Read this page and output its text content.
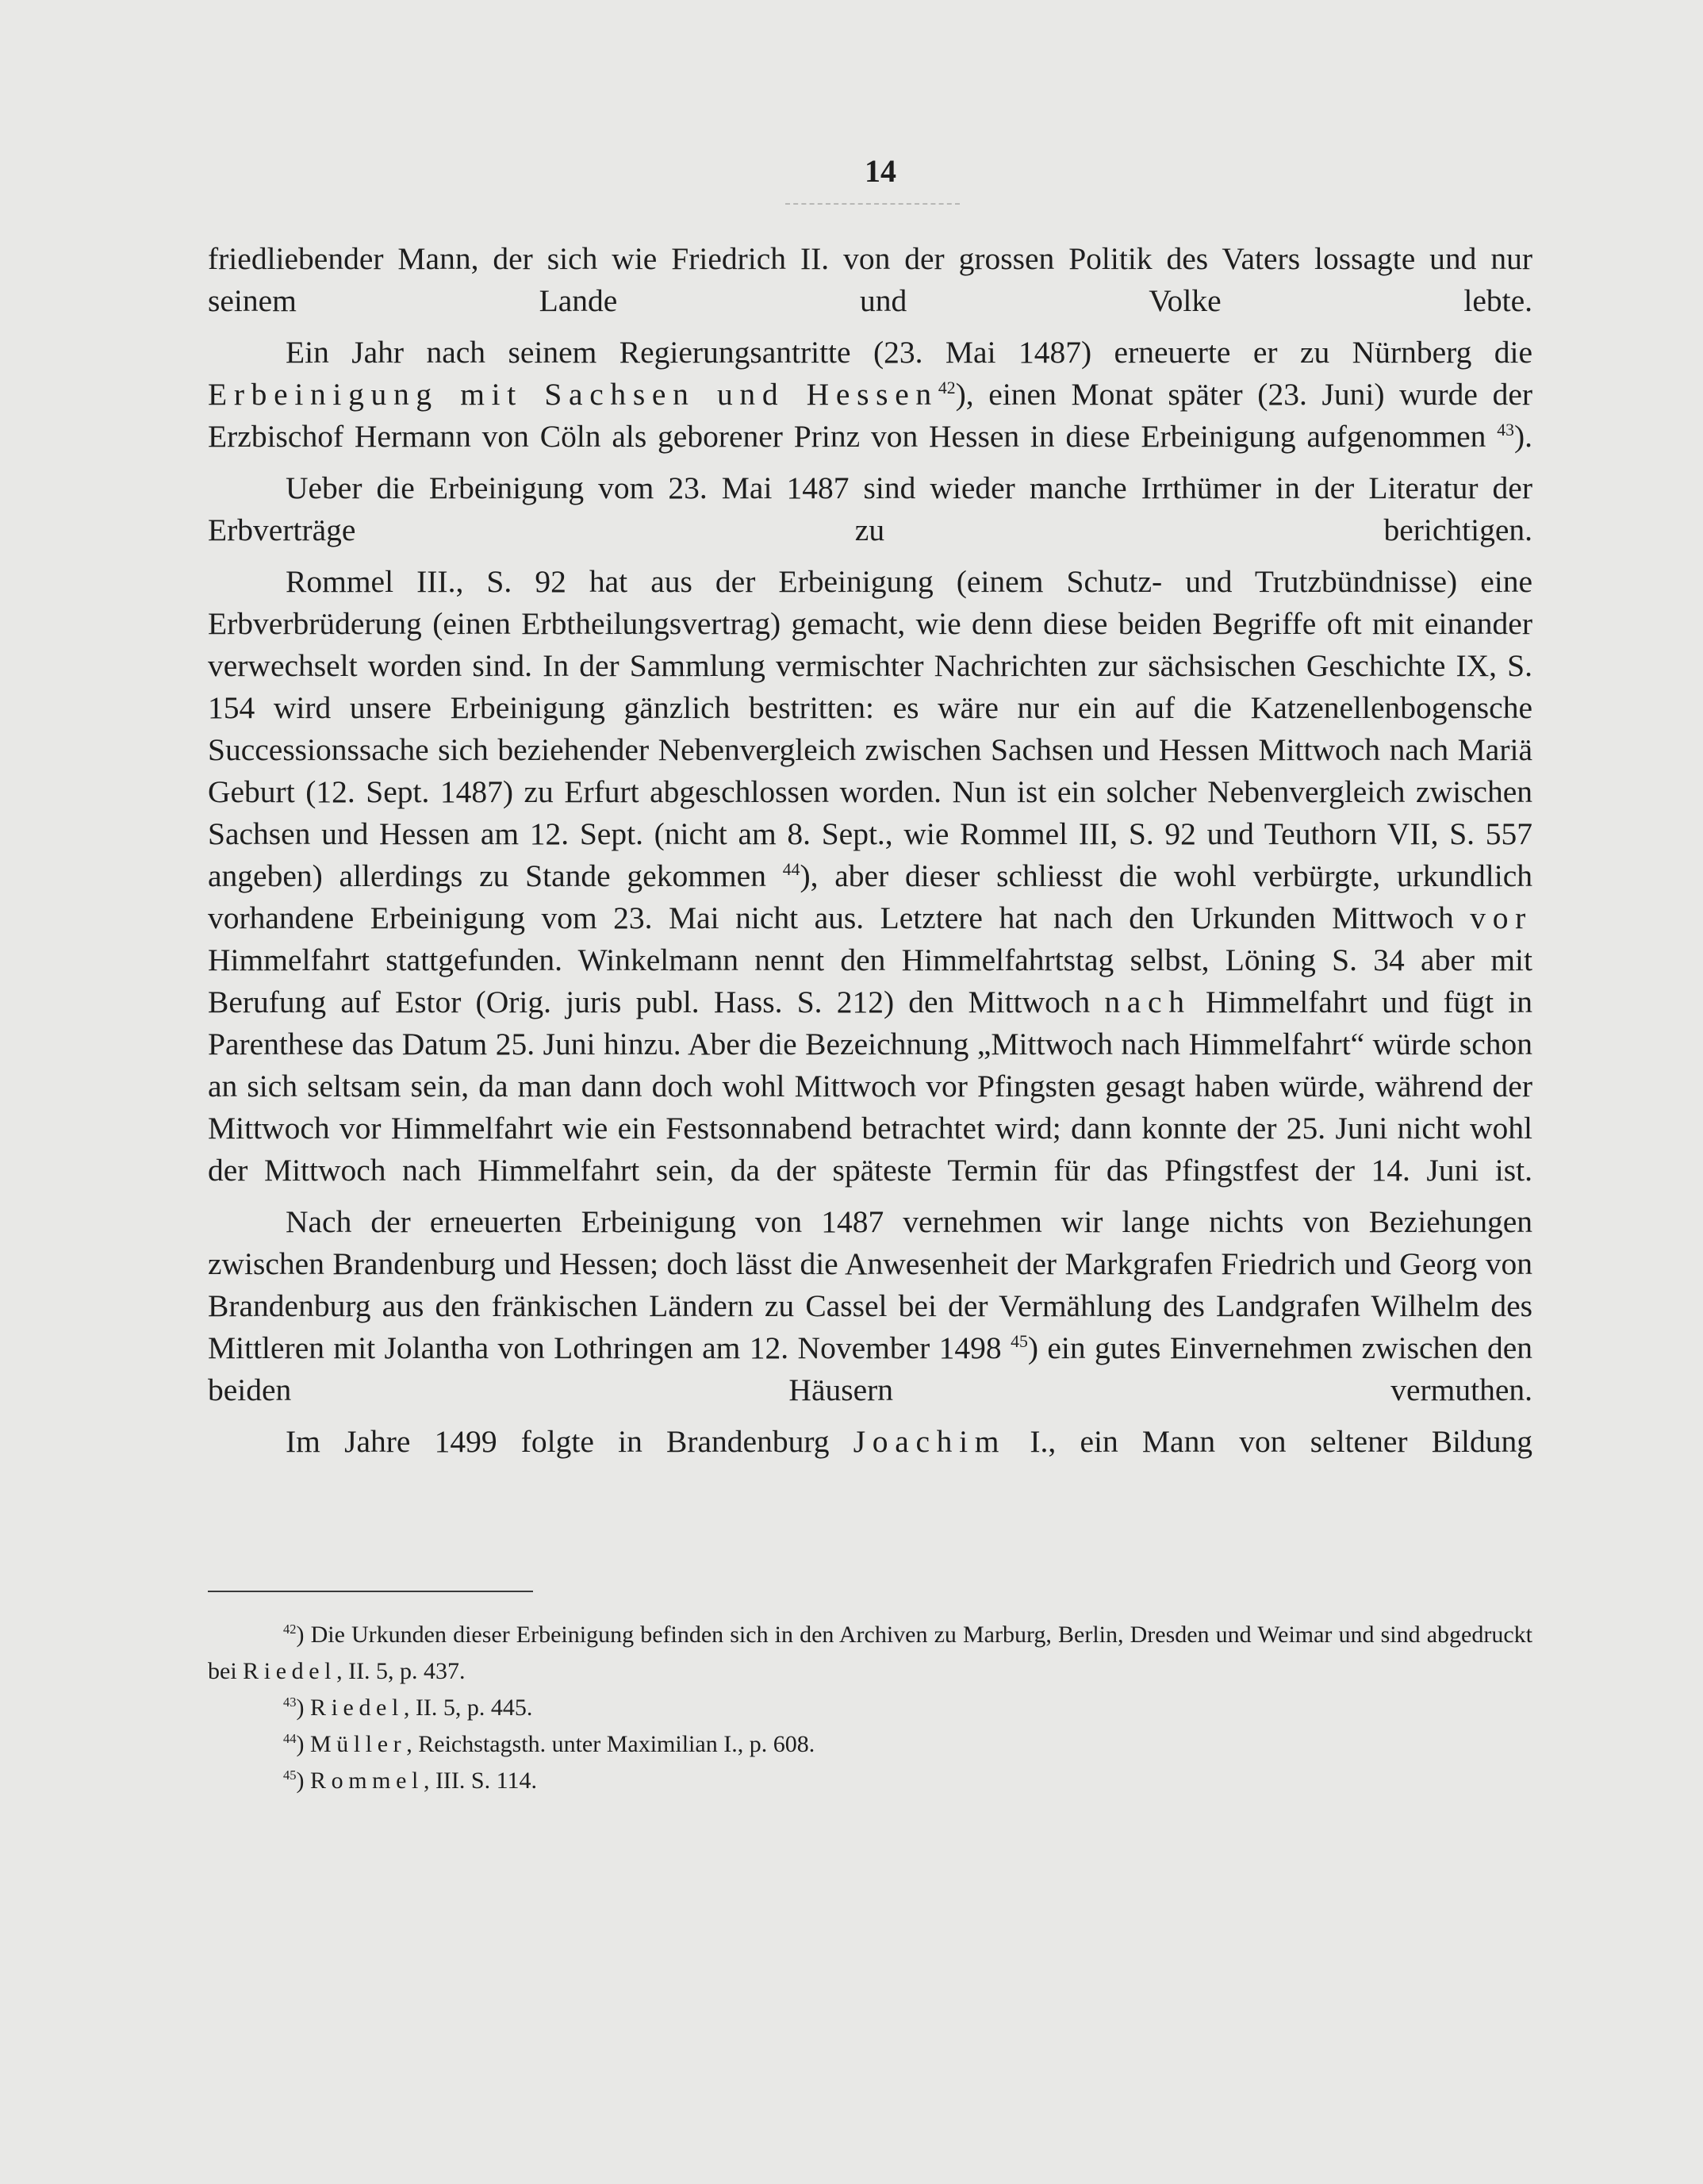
14

friedliebender Mann, der sich wie Friedrich II. von der grossen Politik des Vaters lossagte und nur seinem Lande und Volke lebte.

Ein Jahr nach seinem Regierungsantritte (23. Mai 1487) erneuerte er zu Nürnberg die Erbeinigung mit Sachsen und Hessen$^{42}$), einen Monat später (23. Juni) wurde der Erzbischof Hermann von Cöln als geborener Prinz von Hessen in diese Erbeinigung aufgenommen $^{43}$).

Ueber die Erbeinigung vom 23. Mai 1487 sind wieder manche Irrthümer in der Literatur der Erbverträge zu berichtigen.

Rommel III., S. 92 hat aus der Erbeinigung (einem Schutz- und Trutzbündnisse) eine Erbverbrüderung (einen Erbtheilungsvertrag) gemacht, wie denn diese beiden Begriffe oft mit einander verwechselt worden sind. In der Sammlung vermischter Nachrichten zur sächsischen Geschichte IX, S. 154 wird unsere Erbeinigung gänzlich bestritten: es wäre nur ein auf die Katzenellenbogensche Successionssache sich beziehender Nebenvergleich zwischen Sachsen und Hessen Mittwoch nach Mariä Geburt (12. Sept. 1487) zu Erfurt abgeschlossen worden. Nun ist ein solcher Nebenvergleich zwischen Sachsen und Hessen am 12. Sept. (nicht am 8. Sept., wie Rommel III, S. 92 und Teuthorn VII, S. 557 angeben) allerdings zu Stande gekommen $^{44}$), aber dieser schliesst die wohl verbürgte, urkundlich vorhandene Erbeinigung vom 23. Mai nicht aus. Letztere hat nach den Urkunden Mittwoch vor Himmelfahrt stattgefunden. Winkelmann nennt den Himmelfahrtstag selbst, Löning S. 34 aber mit Berufung auf Estor (Orig. juris publ. Hass. S. 212) den Mittwoch nach Himmelfahrt und fügt in Parenthese das Datum 25. Juni hinzu. Aber die Bezeichnung „Mittwoch nach Himmelfahrt“ würde schon an sich seltsam sein, da man dann doch wohl Mittwoch vor Pfingsten gesagt haben würde, während der Mittwoch vor Himmelfahrt wie ein Festsonnabend betrachtet wird; dann konnte der 25. Juni nicht wohl der Mittwoch nach Himmelfahrt sein, da der späteste Termin für das Pfingstfest der 14. Juni ist.

Nach der erneuerten Erbeinigung von 1487 vernehmen wir lange nichts von Beziehungen zwischen Brandenburg und Hessen; doch lässt die Anwesenheit der Markgrafen Friedrich und Georg von Brandenburg aus den fränkischen Ländern zu Cassel bei der Vermählung des Landgrafen Wilhelm des Mittleren mit Jolantha von Lothringen am 12. November 1498 $^{45}$) ein gutes Einvernehmen zwischen den beiden Häusern vermuthen.

Im Jahre 1499 folgte in Brandenburg Joachim I., ein Mann von seltener Bildung

$^{42}$) Die Urkunden dieser Erbeinigung befinden sich in den Archiven zu Marburg, Berlin, Dresden und Weimar und sind abgedruckt bei Riedel, II. 5, p. 437.

$^{43}$) Riedel, II. 5, p. 445.

$^{44}$) Müller, Reichstagsth. unter Maximilian I., p. 608.

$^{45}$) Rommel, III. S. 114.
